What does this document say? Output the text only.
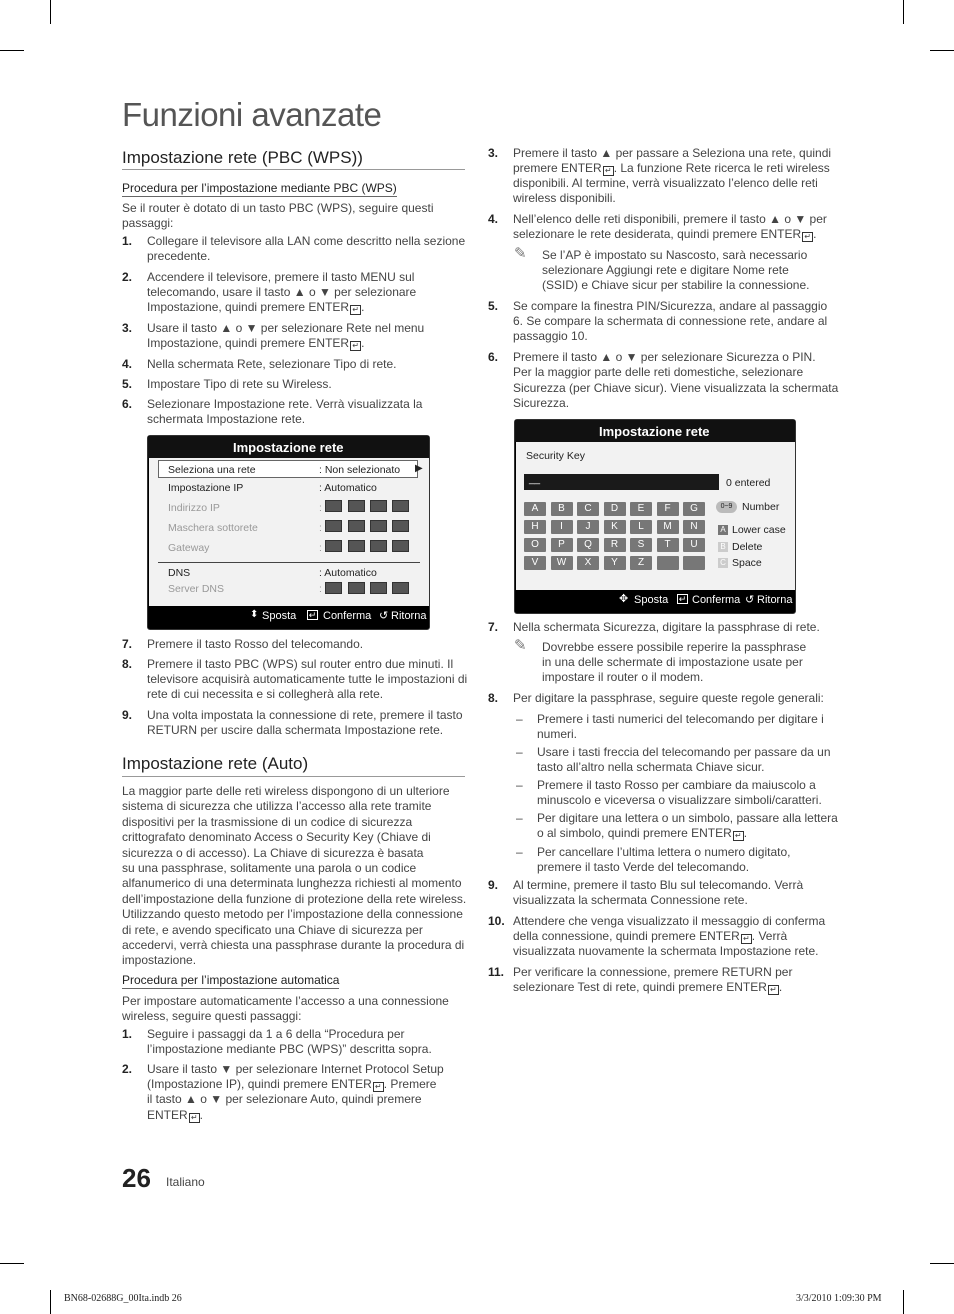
Funzioni avanzate
Impostazione rete (PBC (WPS))
Procedura per l’impostazione mediante PBC (WPS)
Se il router è dotato di un tasto PBC (WPS), seguire questi
passaggi:
1. Collegare il televisore alla LAN come descritto nella sezione
precedente.
2. Accendere il televisore, premere il tasto MENU sul
telecomando, usare il tasto ▲ o ▼ per selezionare
Impostazione, quindi premere ENTER ↵ .
3. Usare il tasto ▲ o ▼ per selezionare Rete nel menu
Impostazione, quindi premere ENTER ↵ .
4. Nella schermata Rete, selezionare Tipo di rete.
5. Impostare Tipo di rete su Wireless.
6. Selezionare Impostazione rete. Verrà visualizzata la
schermata Impostazione rete.
Impostazione rete
Seleziona una rete	: Non selezionato ▶
Impostazione IP	: Automatico
Indirizzo IP	:
Maschera sottorete	:
Gateway	:
DNS	: Automatico
Server DNS	:
⬍ Sposta ↵ Conferma ↺ Ritorna
7. Premere il tasto Rosso del telecomando.
8. Premere il tasto PBC (WPS) sul router entro due minuti. Il
televisore acquisirà automaticamente tutte le impostazioni di
rete di cui necessita e si collegherà alla rete.
9. Una volta impostata la connessione di rete, premere il tasto
RETURN per uscire dalla schermata Impostazione rete.
Impostazione rete (Auto)
La maggior parte delle reti wireless dispongono di un ulteriore
sistema di sicurezza che utilizza l’accesso alla rete tramite
dispositivi per la trasmissione di un codice di sicurezza
crittografato denominato Access o Security Key (Chiave di
sicurezza o di accesso). La Chiave di sicurezza è basata
su una passphrase, solitamente una parola o un codice
alfanumerico di una determinata lunghezza richiesti al momento
dell’impostazione della funzione di protezione della rete wireless.
Utilizzando questo metodo per l’impostazione della connessione
di rete, e avendo specificato una Chiave di sicurezza per
accedervi, verrà chiesta una passphrase durante la procedura di
impostazione.
Procedura per l’impostazione automatica
Per impostare automaticamente l’accesso a una connessione
wireless, seguire questi passaggi:
1. Seguire i passaggi da 1 a 6 della “Procedura per
l’impostazione mediante PBC (WPS)” descritta sopra.
2. Usare il tasto ▼ per selezionare Internet Protocol Setup
(Impostazione IP), quindi premere ENTER ↵ . Premere
il tasto ▲ o ▼ per selezionare Auto, quindi premere
ENTER ↵ .
3. Premere il tasto ▲ per passare a Seleziona una rete, quindi
premere ENTER ↵ . La funzione Rete ricerca le reti wireless
disponibili. Al termine, verrà visualizzato l’elenco delle reti
wireless disponibili.
4. Nell’elenco delle reti disponibili, premere il tasto ▲ o ▼ per
selezionare le rete desiderata, quindi premere ENTER ↵ .
✎ Se l’AP è impostato su Nascosto, sarà necessario
selezionare Aggiungi rete e digitare Nome rete
(SSID) e Chiave sicur per stabilire la connessione.
5. Se compare la finestra PIN/Sicurezza, andare al passaggio
6. Se compare la schermata di connessione rete, andare al
passaggio 10.
6. Premere il tasto ▲ o ▼ per selezionare Sicurezza o PIN.
Per la maggior parte delle reti domestiche, selezionare
Sicurezza (per Chiave sicur). Viene visualizzata la schermata
Sicurezza.
Impostazione rete
Security Key
__	0 entered
A	B	C	D	E	F	G
H	I	J	K	L	M	N
O	P	Q	R	S	T	U
V	W	X	Y	Z
0~9 Number
A Lower case
B Delete
C Space
✥ Sposta ↵ Conferma ↺ Ritorna
7. Nella schermata Sicurezza, digitare la passphrase di rete.
✎ Dovrebbe essere possibile reperire la passphrase
in una delle schermate di impostazione usate per
impostare il router o il modem.
8. Per digitare la passphrase, seguire queste regole generali:
– Premere i tasti numerici del telecomando per digitare i
numeri.
– Usare i tasti freccia del telecomando per passare da un
tasto all’altro nella schermata Chiave sicur.
– Premere il tasto Rosso per cambiare da maiuscolo a
minuscolo e viceversa o visualizzare simboli/caratteri.
– Per digitare una lettera o un simbolo, passare alla lettera
o al simbolo, quindi premere ENTER ↵ .
– Per cancellare l’ultima lettera o numero digitato,
premere il tasto Verde del telecomando.
9. Al termine, premere il tasto Blu sul telecomando. Verrà
visualizzata la schermata Connessione rete.
10. Attendere che venga visualizzato il messaggio di conferma
della connessione, quindi premere ENTER ↵ . Verrà
visualizzata nuovamente la schermata Impostazione rete.
11. Per verificare la connessione, premere RETURN per
selezionare Test di rete, quindi premere ENTER ↵ .
26 Italiano
BN68-02688G_00Ita.indb 26	3/3/2010 1:09:30 PM
